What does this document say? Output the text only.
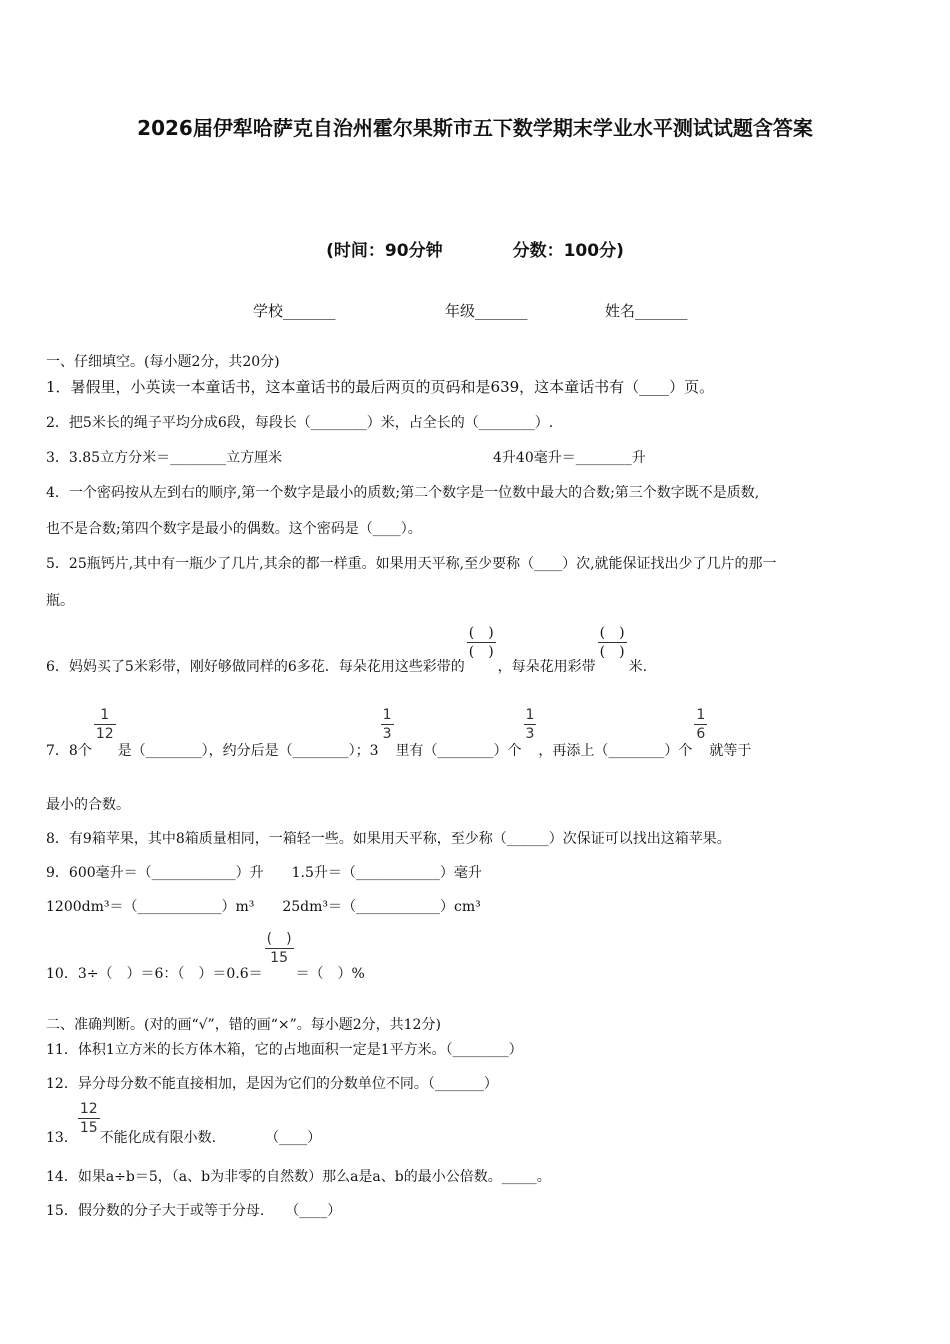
2026届伊犁哈萨克自治州霍尔果斯市五下数学期末学业水平测试试题含答案
(时间：90分钟	分数：100分)
学校_______	年级_______	姓名_______
一、仔细填空。(每小题2分，共20分)
1．暑假里，小英读一本童话书，这本童话书的最后两页的页码和是639，这本童话书有（____）页。
2．把5米长的绳子平均分成6段，每段长（________）米，占全长的（________）.
3．3.85立方分米＝________立方厘米	4升40毫升＝________升
4．一个密码按从左到右的顺序,第一个数字是最小的质数;第二个数字是一位数中最大的合数;第三个数字既不是质数,
也不是合数;第四个数字是最小的偶数。这个密码是（____）。
5．25瓶钙片,其中有一瓶少了几片,其余的都一样重。如果用天平称,至少要称（____）次,就能保证找出少了几片的那一
瓶。
6．妈妈买了5米彩带，刚好够做同样的6多花．每朵花用这些彩带的
$\frac{( )}{( )}$
，每朵花用彩带
$\frac{( )}{( )}$
米.
7．8个
$\frac{1}{12}$
是（________），约分后是（________）；3
$\frac{1}{3}$
里有（________）个
$\frac{1}{3}$
，再添上（________）个
$\frac{1}{6}$
就等于
最小的合数。
8．有9箱苹果，其中8箱质量相同，一箱轻一些。如果用天平称，至少称（______）次保证可以找出这箱苹果。
9．600毫升＝（____________）升　　1.5升＝（____________）毫升
1200dm³＝（____________）m³　　25dm³＝（____________）cm³
10．3÷（　）＝6：（　）＝0.6＝
$\frac{( )}{15}$
＝（　）%
二、准确判断。(对的画“√”，错的画“×”。每小题2分，共12分)
11．体积1立方米的长方体木箱，它的占地面积一定是1平方米。（________）
12．异分母分数不能直接相加，是因为它们的分数单位不同。（_______）
13．
$\frac{12}{15}$
不能化成有限小数.　　　　（____）
14．如果a÷b＝5，（a、b为非零的自然数）那么a是a、b的最小公倍数。_____。
15．假分数的分子大于或等于分母.　　（____）
